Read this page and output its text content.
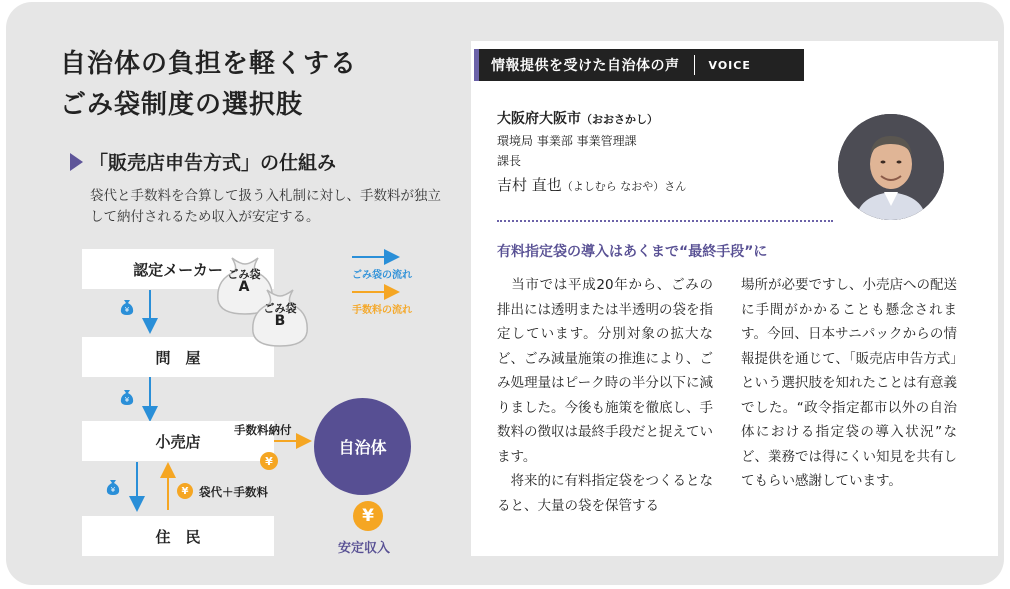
自治体の負担を軽くする
ごみ袋制度の選択肢
「販売店申告方式」の仕組み
袋代と手数料を合算して扱う入札制に対し、手数料が独立して納付されるため収入が安定する。
認定メーカー
問　屋
小売店
住　民
¥
¥
¥
ごみ袋
A
ごみ袋
B
ごみ袋の流れ
手数料の流れ
手数料納付
¥
¥ 袋代＋手数料
自治体
¥
安定収入
情報提供を受けた自治体の声	VOICE
大阪府大阪市（おおさかし）
環境局 事業部 事業管理課
課長
吉村 直也（よしむら なおや）さん
有料指定袋の導入はあくまで“最終手段”に

　当市では平成20年から、ごみの排出には透明または半透明の袋を指定しています。分別対象の拡大など、ごみ減量施策の推進により、ごみ処理量はピーク時の半分以下に減りました。今後も施策を徹底し、手数料の徴収は最終手段だと捉えています。

　将来的に有料指定袋をつくるとなると、大量の袋を保管する

場所が必要ですし、小売店への配送に手間がかかることも懸念されます。今回、日本サニパックからの情報提供を通じて、「販売店申告方式」という選択肢を知れたことは有意義でした。“政令指定都市以外の自治体における指定袋の導入状況”など、業務では得にくい知見を共有してもらい感謝しています。
